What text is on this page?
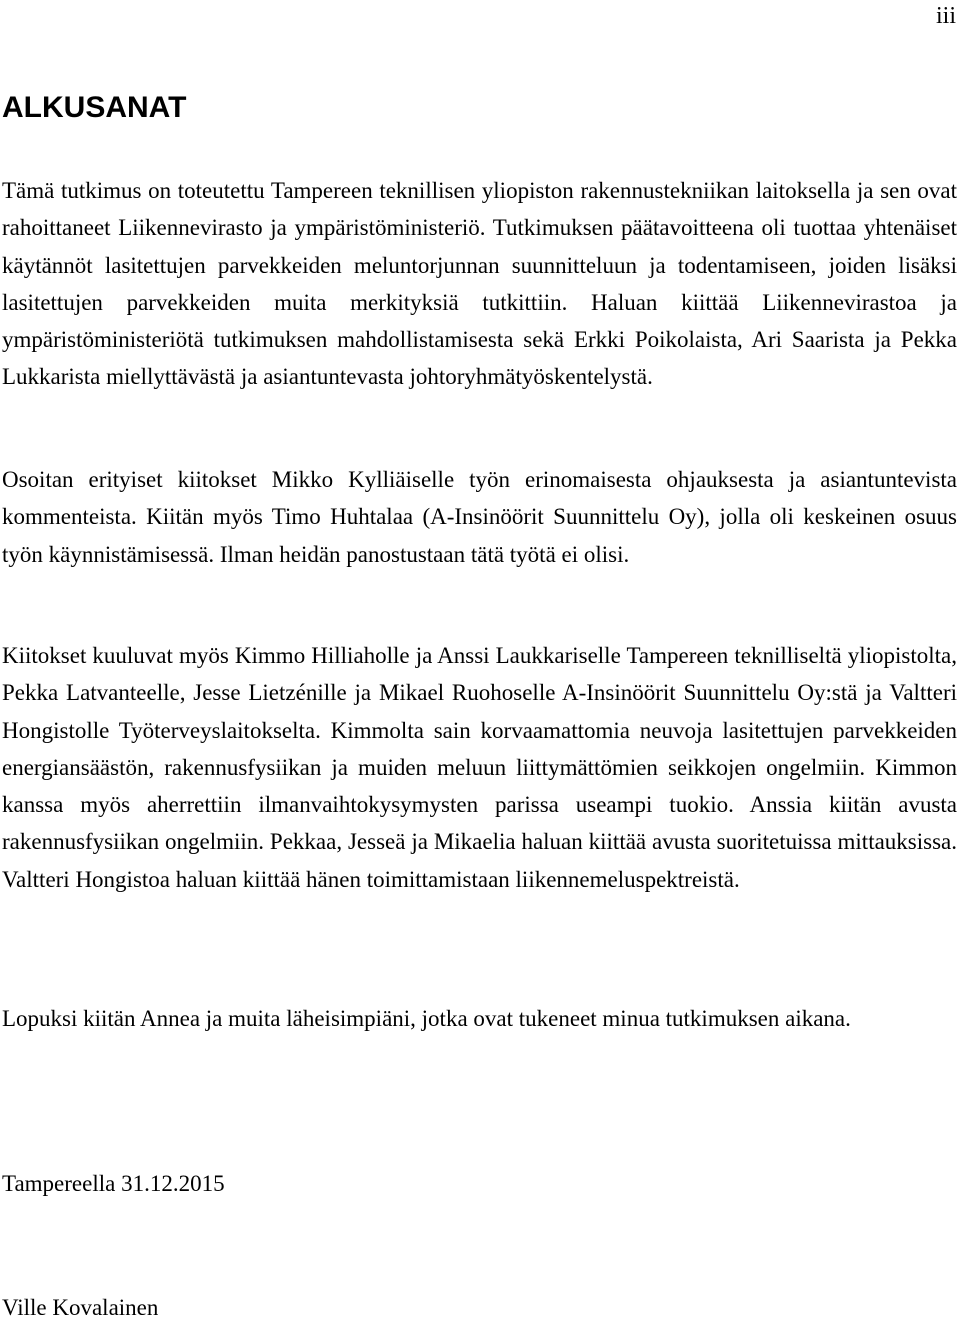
iii
ALKUSANAT

Tämä tutkimus on toteutettu Tampereen teknillisen yliopiston rakennustekniikan laitoksella ja sen ovat rahoittaneet Liikennevirasto ja ympäristöministeriö. Tutkimuksen päätavoitteena oli tuottaa yhtenäiset käytännöt lasitettujen parvekkeiden meluntorjunnan suunnitteluun ja todentamiseen, joiden lisäksi lasitettujen parvekkeiden muita merkityksiä tutkittiin. Haluan kiittää Liikennevirastoa ja ympäristöministeriötä tutkimuksen mahdollistamisesta sekä Erkki Poikolaista, Ari Saarista ja Pekka Lukkarista miellyttävästä ja asiantuntevasta johtoryhmätyöskentelystä.

Osoitan erityiset kiitokset Mikko Kylliäiselle työn erinomaisesta ohjauksesta ja asiantuntevista kommenteista. Kiitän myös Timo Huhtalaa (A-Insinöörit Suunnittelu Oy), jolla oli keskeinen osuus työn käynnistämisessä. Ilman heidän panostustaan tätä työtä ei olisi.

Kiitokset kuuluvat myös Kimmo Hilliaholle ja Anssi Laukkariselle Tampereen teknilliseltä yliopistolta, Pekka Latvanteelle, Jesse Lietzénille ja Mikael Ruohoselle A-Insinöörit Suunnittelu Oy:stä ja Valtteri Hongistolle Työterveyslaitokselta. Kimmolta sain korvaamattomia neuvoja lasitettujen parvekkeiden energiansäästön, rakennusfysiikan ja muiden meluun liittymättömien seikkojen ongelmiin. Kimmon kanssa myös aherrettiin ilmanvaihtokysymysten parissa useampi tuokio. Anssia kiitän avusta rakennusfysiikan ongelmiin. Pekkaa, Jesseä ja Mikaelia haluan kiittää avusta suoritetuissa mittauksissa. Valtteri Hongistoa haluan kiittää hänen toimittamistaan liikennemeluspektreistä.

Lopuksi kiitän Annea ja muita läheisimpiäni, jotka ovat tukeneet minua tutkimuksen aikana.

Tampereella 31.12.2015

Ville Kovalainen
